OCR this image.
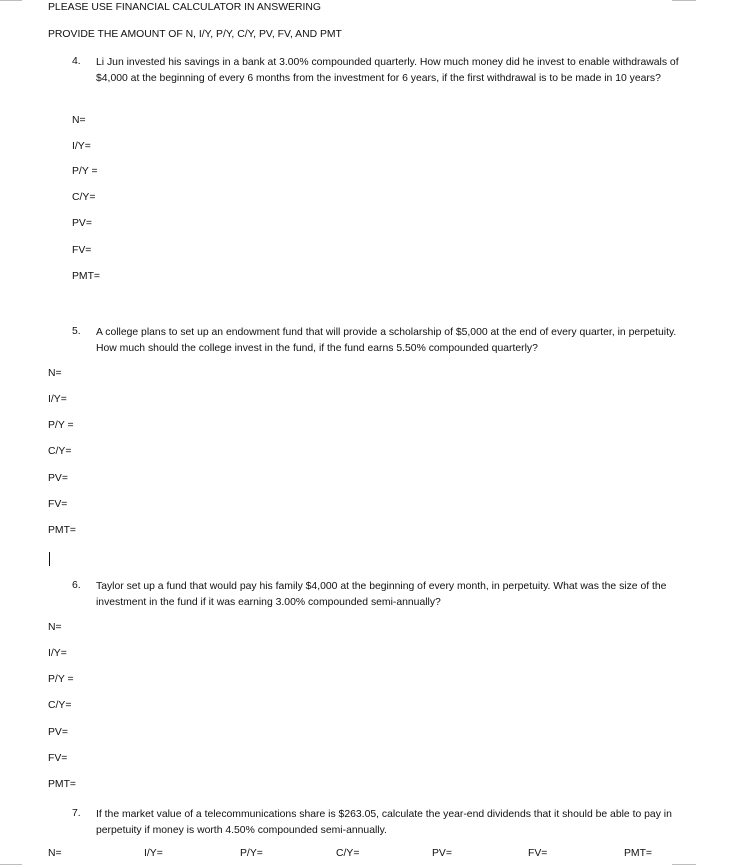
PLEASE USE FINANCIAL CALCULATOR IN ANSWERING
PROVIDE THE AMOUNT OF N, I/Y, P/Y, C/Y, PV, FV, AND PMT
4. Li Jun invested his savings in a bank at 3.00% compounded quarterly. How much money did he invest to enable withdrawals of $4,000 at the beginning of every 6 months from the investment for 6 years, if the first withdrawal is to be made in 10 years?
N=
I/Y=
P/Y =
C/Y=
PV=
FV=
PMT=
5. A college plans to set up an endowment fund that will provide a scholarship of $5,000 at the end of every quarter, in perpetuity. How much should the college invest in the fund, if the fund earns 5.50% compounded quarterly?
N=
I/Y=
P/Y =
C/Y=
PV=
FV=
PMT=
6. Taylor set up a fund that would pay his family $4,000 at the beginning of every month, in perpetuity. What was the size of the investment in the fund if it was earning 3.00% compounded semi-annually?
N=
I/Y=
P/Y =
C/Y=
PV=
FV=
PMT=
7. If the market value of a telecommunications share is $263.05, calculate the year-end dividends that it should be able to pay in perpetuity if money is worth 4.50% compounded semi-annually.
N=	I/Y=	P/Y=	C/Y=	PV=	FV=	PMT=
